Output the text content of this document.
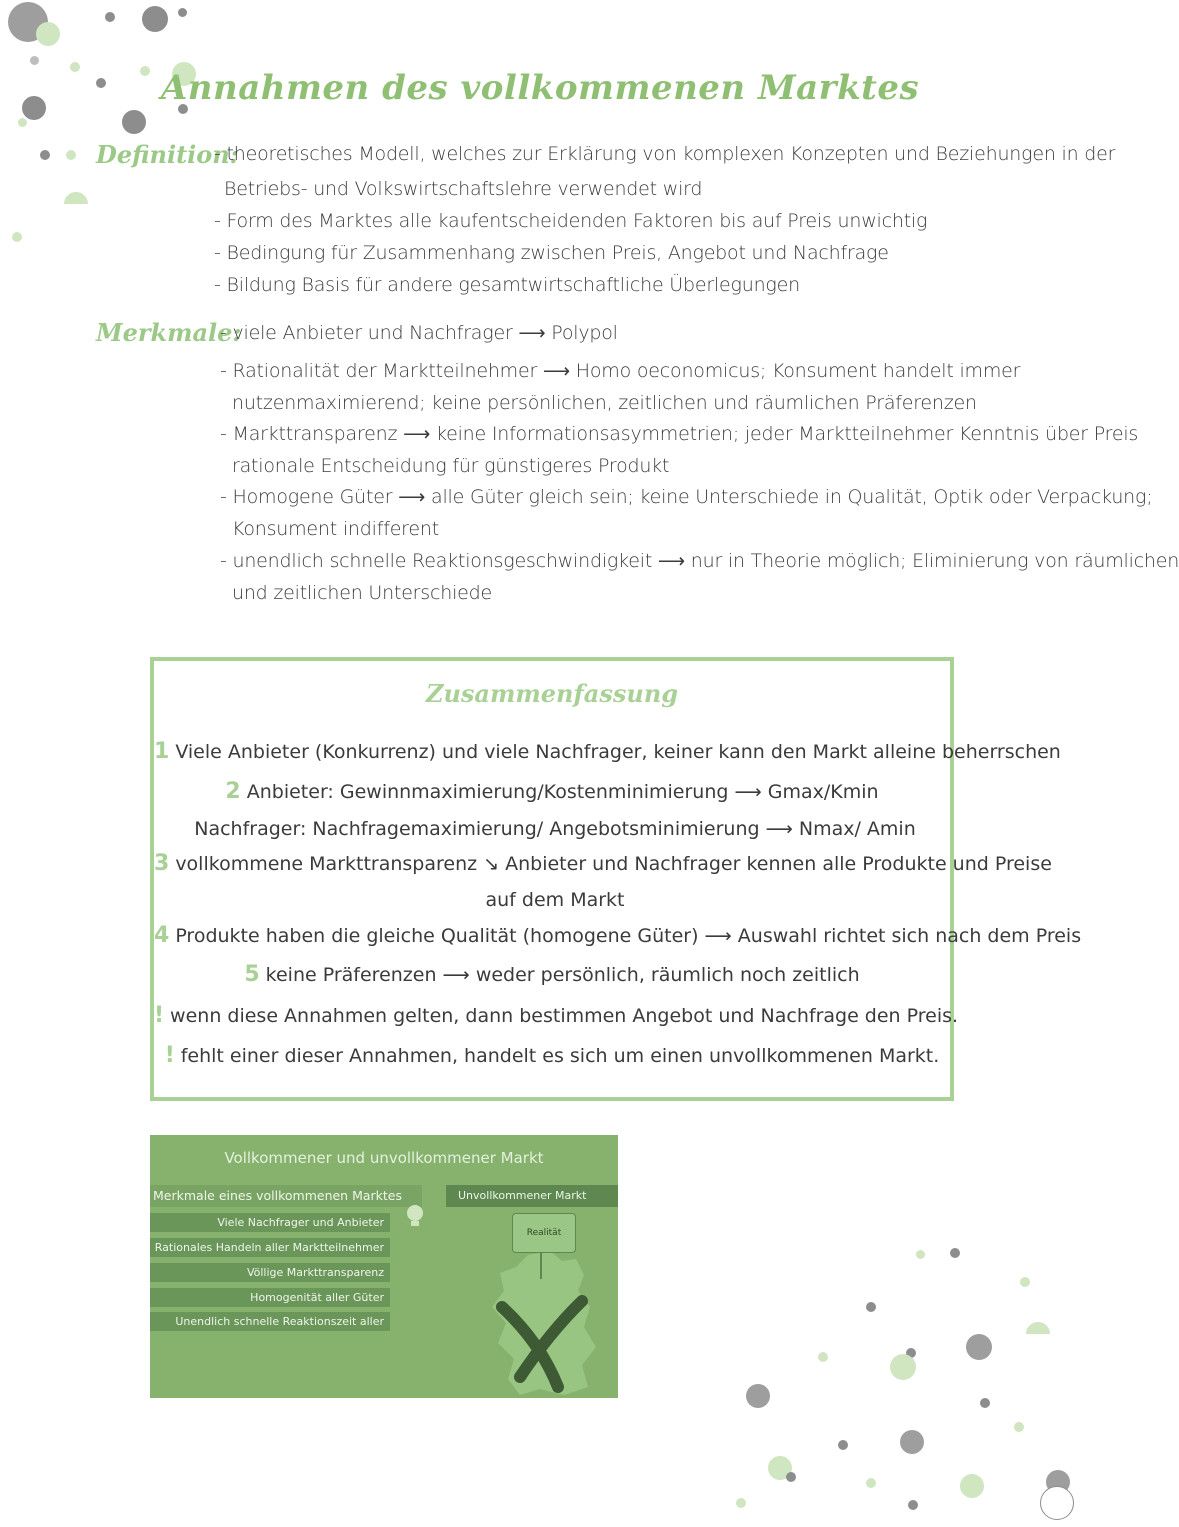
Annahmen des vollkommenen Marktes
Definition:
- theoretisches Modell, welches zur Erklärung von komplexen Konzepten und Beziehungen in der
Betriebs- und Volkswirtschaftslehre verwendet wird
- Form des Marktes alle kaufentscheidenden Faktoren bis auf Preis unwichtig
- Bedingung für Zusammenhang zwischen Preis, Angebot und Nachfrage
- Bildung Basis für andere gesamtwirtschaftliche Überlegungen
Merkmale:
- viele Anbieter und Nachfrager ⟶ Polypol
- Rationalität der Marktteilnehmer ⟶ Homo oeconomicus; Konsument handelt immer
nutzenmaximierend; keine persönlichen, zeitlichen und räumlichen Präferenzen
- Markttransparenz ⟶ keine Informationsasymmetrien; jeder Marktteilnehmer Kenntnis über Preis
rationale Entscheidung für günstigeres Produkt
- Homogene Güter ⟶ alle Güter gleich sein; keine Unterschiede in Qualität, Optik oder Verpackung;
Konsument indifferent
- unendlich schnelle Reaktionsgeschwindigkeit ⟶ nur in Theorie möglich; Eliminierung von räumlichen
und zeitlichen Unterschiede
Zusammenfassung
1 Viele Anbieter (Konkurrenz) und viele Nachfrager, keiner kann den Markt alleine beherrschen
2 Anbieter: Gewinnmaximierung/Kostenminimierung ⟶ Gmax/Kmin
Nachfrager: Nachfragemaximierung/ Angebotsminimierung ⟶ Nmax/ Amin
3 vollkommene Markttransparenz ↘ Anbieter und Nachfrager kennen alle Produkte und Preise
auf dem Markt
4 Produkte haben die gleiche Qualität (homogene Güter) ⟶ Auswahl richtet sich nach dem Preis
5 keine Präferenzen ⟶ weder persönlich, räumlich noch zeitlich
! wenn diese Annahmen gelten, dann bestimmen Angebot und Nachfrage den Preis.
! fehlt einer dieser Annahmen, handelt es sich um einen unvollkommenen Markt.
Vollkommener und unvollkommener Markt
Merkmale eines vollkommenen Marktes	Unvollkommener Markt
Viele Nachfrager und Anbieter
Rationales Handeln aller Marktteilnehmer
Völlige Markttransparenz
Homogenität aller Güter
Unendlich schnelle Reaktionszeit aller
Realität
